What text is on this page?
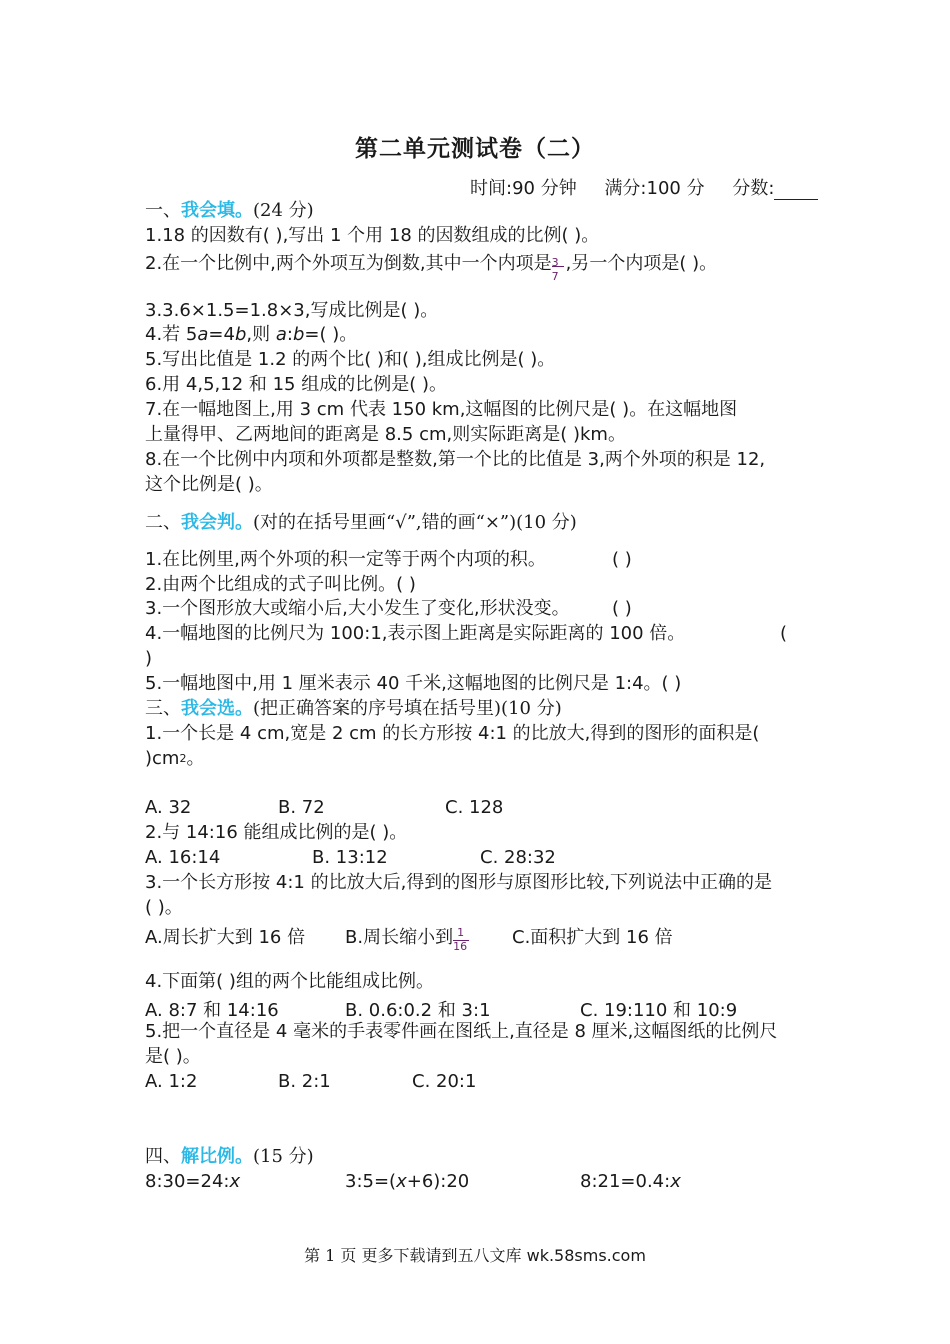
第二单元测试卷（二）
时间:90 分钟 满分:100 分 分数:
一、我会填。(24 分)
1.18 的因数有( ),写出 1 个用 18 的因数组成的比例( )。
2.在一个比例中,两个外项互为倒数,其中一个内项是 3
7
,另一个内项是( )。
3.3.6×1.5=1.8×3,写成比例是( )。
4.若 5a=4b,则 a:b=( )。
5.写出比值是 1.2 的两个比( )和( ),组成比例是( )。
6.用 4,5,12 和 15 组成的比例是( )。
7.在一幅地图上,用 3 cm 代表 150 km,这幅图的比例尺是( )。在这幅地图
上量得甲、乙两地间的距离是 8.5 cm,则实际距离是( )km。
8.在一个比例中内项和外项都是整数,第一个比的比值是 3,两个外项的积是 12,
这个比例是( )。
二、我会判。(对的在括号里画“√”,错的画“×”)(10 分)
1.在比例里,两个外项的积一定等于两个内项的积。	( )
2.由两个比组成的式子叫比例。( )
3.一个图形放大或缩小后,大小发生了变化,形状没变。 ( )
4.一幅地图的比例尺为 100:1,表示图上距离是实际距离的 100 倍。	(
)
5.一幅地图中,用 1 厘米表示 40 千米,这幅地图的比例尺是 1:4。( )
三、我会选。(把正确答案的序号填在括号里)(10 分)
1.一个长是 4 cm,宽是 2 cm 的长方形按 4:1 的比放大,得到的图形的面积是(
)$cm^2$。
A. 32	B. 72	C. 128
2.与 14:16 能组成比例的是( )。
A. 16:14	B. 13:12	C. 28:32
3.一个长方形按 4:1 的比放大后,得到的图形与原图形比较,下列说法中正确的是
( )。
A.周长扩大到 16 倍 B.周长缩小到 $\frac{1}{16} C$.面积扩大到 16 倍
4.下面第( )组的两个比能组成比例。
A. 8:7 和 14:16	B. 0.6:0.2 和 3:1	C. 19:110 和 10:9
5.把一个直径是 4 毫米的手表零件画在图纸上,直径是 8 厘米,这幅图纸的比例尺
是( )。
A. 1:2	B. 2:1	C. 20:1
四、解比例。(15 分)
8:30=24:x	3:5=(x+6):20	8:21=0.4:x
第 1 页 更多下载请到五八文库 wk.58sms.com
